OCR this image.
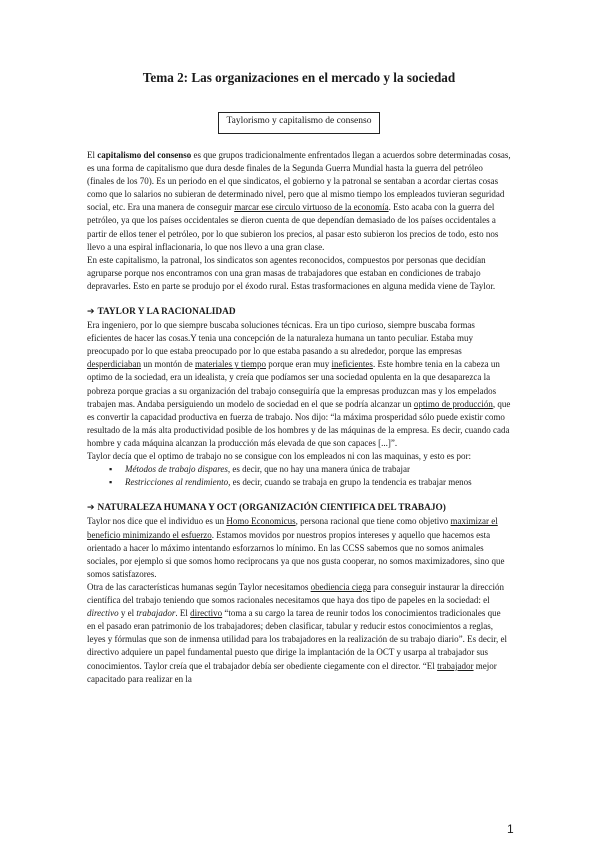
Tema 2: Las organizaciones en el mercado y la sociedad
Taylorismo y capitalismo de consenso

El capitalismo del consenso es que grupos tradicionalmente enfrentados llegan a acuerdos sobre determinadas cosas, es una forma de capitalismo que dura desde finales de la Segunda Guerra Mundial hasta la guerra del petróleo (finales de los 70). Es un periodo en el que sindicatos, el gobierno y la patronal se sentaban a acordar ciertas cosas como que lo salarios no subieran de determinado nivel, pero que al mismo tiempo los empleados tuvieran seguridad social, etc. Era una manera de conseguir marcar ese circulo virtuoso de la economía. Esto acaba con la guerra del petróleo, ya que los países occidentales se dieron cuenta de que dependían demasiado de los países occidentales a partir de ellos tener el petróleo, por lo que subieron los precios, al pasar esto subieron los precios de todo, esto nos llevo a una espiral inflacionaria, lo que nos llevo a una gran clase.

En este capitalismo, la patronal, los sindicatos son agentes reconocidos, compuestos por personas que decidían agruparse porque nos encontramos con una gran masas de trabajadores que estaban en condiciones de trabajo depravarles. Esto en parte se produjo por el éxodo rural. Estas trasformaciones en alguna medida viene de Taylor.

➔ TAYLOR Y LA RACIONALIDAD

Era ingeniero, por lo que siempre buscaba soluciones técnicas. Era un tipo curioso, siempre buscaba formas eficientes de hacer las cosas.Y tenia una concepción de la naturaleza humana un tanto peculiar. Estaba muy preocupado por lo que estaba preocupado por lo que estaba pasando a su alrededor, porque las empresas desperdiciaban un montón de materiales y tiempo porque eran muy ineficientes. Este hombre tenia en la cabeza un optimo de la sociedad, era un idealista, y creía que podíamos ser una sociedad opulenta en la que desaparezca la pobreza porque gracias a su organización del trabajo conseguiría que la empresas produzcan mas y los empelados trabajen mas. Andaba persiguiendo un modelo de sociedad en el que se podría alcanzar un optimo de producción, que es convertir la capacidad productiva en fuerza de trabajo. Nos dijo: “la máxima prosperidad sólo puede existir como resultado de la más alta productividad posible de los hombres y de las máquinas de la empresa. Es decir, cuando cada hombre y cada máquina alcanzan la producción más elevada de que son capaces [...]”.

Taylor decía que el optimo de trabajo no se consigue con los empleados ni con las maquinas, y esto es por:

▪ Métodos de trabajo dispares, es decir, que no hay una manera única de trabajar
▪ Restricciones al rendimiento, es decir, cuando se trabaja en grupo la tendencia es trabajar menos
➔ NATURALEZA HUMANA Y OCT (ORGANIZACIÓN CIENTIFICA DEL TRABAJO)

Taylor nos dice que el individuo es un Homo Economicus, persona racional que tiene como objetivo maximizar el beneficio minimizando el esfuerzo. Estamos movidos por nuestros propios intereses y aquello que hacemos esta orientado a hacer lo máximo intentando esforzarnos lo mínimo. En las CCSS sabemos que no somos animales sociales, por ejemplo si que somos homo reciprocans ya que nos gusta cooperar, no somos maximizadores, sino que somos satisfazores.

Otra de las características humanas según Taylor necesitamos obediencia ciega para conseguir instaurar la dirección científica del trabajo teniendo que somos racionales necesitamos que haya dos tipo de papeles en la sociedad: el directivo y el trabajador. El directivo “toma a su cargo la tarea de reunir todos los conocimientos tradicionales que en el pasado eran patrimonio de los trabajadores; deben clasificar, tabular y reducir estos conocimientos a reglas, leyes y fórmulas que son de inmensa utilidad para los trabajadores en la realización de su trabajo diario”. Es decir, el directivo adquiere un papel fundamental puesto que dirige la implantación de la OCT y usarpa al trabajador sus conocimientos. Taylor creía que el trabajador debía ser obediente ciegamente con el director. “El trabajador mejor capacitado para realizar en la

1
